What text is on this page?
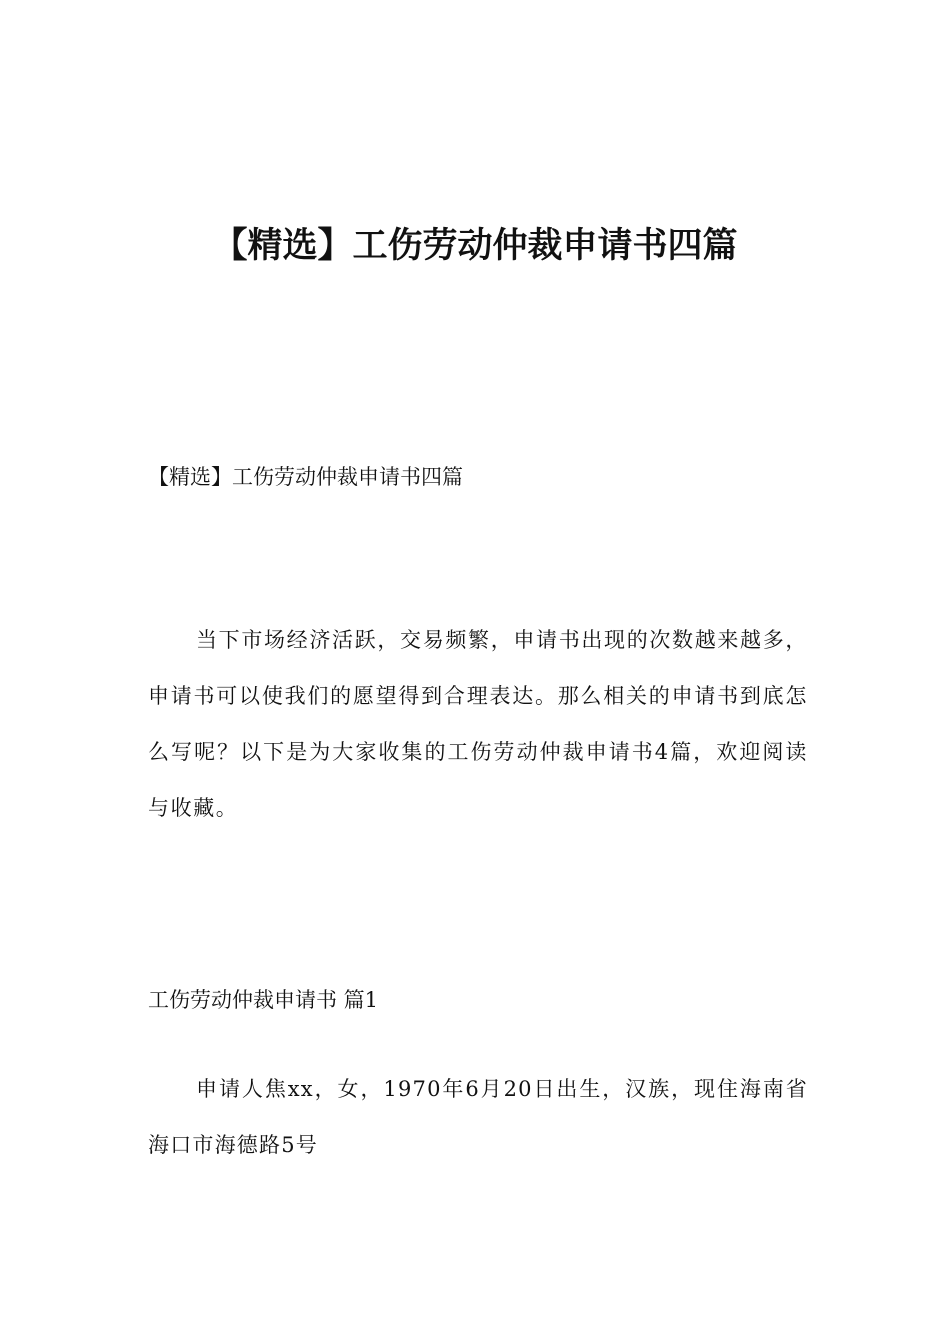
【精选】工伤劳动仲裁申请书四篇
【精选】工伤劳动仲裁申请书四篇

当下市场经济活跃，交易频繁，申请书出现的次数越来越多，申请书可以使我们的愿望得到合理表达。那么相关的申请书到底怎么写呢？以下是为大家收集的工伤劳动仲裁申请书4篇，欢迎阅读与收藏。

工伤劳动仲裁申请书 篇1

申请人焦xx，女，1970年6月20日出生，汉族，现住海南省海口市海德路5号
